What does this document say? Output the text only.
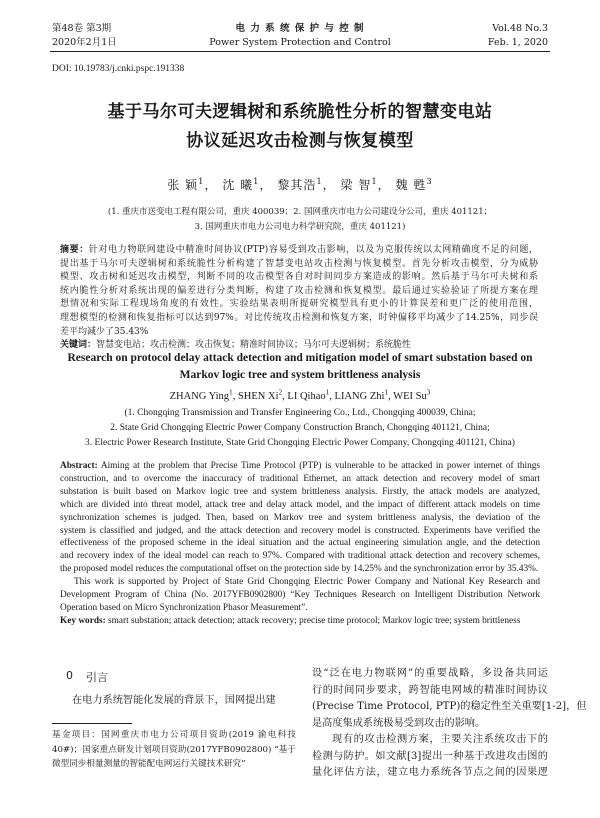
第48卷 第3期
2020年2月1日
电 力 系 统 保 护 与 控 制
Power System Protection and Control
Vol.48 No.3
Feb. 1, 2020
DOI: 10.19783/j.cnki.pspc.191338
基于马尔可夫逻辑树和系统脆性分析的智慧变电站
协议延迟攻击检测与恢复模型
张 颖$^1$， 沈 曦$^1$， 黎其浩$^1$， 梁 智$^1$， 魏 甦$^3$
(1. 重庆市送变电工程有限公司，重庆 400039；2. 国网重庆市电力公司建设分公司，重庆 401121；
3. 国网重庆市电力公司电力科学研究院，重庆 401121)
摘要：针对电力物联网建设中精准时间协议(PTP)容易受到攻击影响，以及为克服传统以太网精确度不足的问题，
提出基于马尔可夫逻辑树和系统脆性分析构建了智慧变电站攻击检测与恢复模型。首先分析攻击模型，分为威胁
模型、攻击树和延迟攻击模型，判断不同的攻击模型各自对时间同步方案造成的影响。然后基于马尔可夫树和系
统内脆性分析对系统出现的偏差进行分类判断，构建了攻击检测和恢复模型。最后通过实验验证了所提方案在理
想情况和实际工程现场角度的有效性。实验结果表明所提研究模型具有更小的计算误差和更广泛的使用范围，
理想模型的检测和恢复指标可以达到97%。对比传统攻击检测和恢复方案，时钟偏移平均减少了14.25%，同步误
差平均减少了35.43%
关键词：智慧变电站；攻击检测；攻击恢复；精准时间协议；马尔可夫逻辑树；系统脆性
Research on protocol delay attack detection and mitigation model of smart substation based on
Markov logic tree and system brittleness analysis
ZHANG Ying$^1$, SHEN Xi$^2$, LI Qihao$^1$, LIANG Zhi$^1$, WEI Su$^3$
(1. Chongqing Transmission and Transfer Engineering Co., Ltd., Chongqing 400039, China;
2. State Grid Chongqing Electric Power Company Construction Branch, Chongqing 401121, China;
3. Electric Power Research Institute, State Grid Chongqing Electric Power Company, Chongqing 401121, China)
Abstract: Aiming at the problem that Precise Time Protocol (PTP) is vulnerable to be attacked in power internet of things
construction, and to overcome the inaccuracy of traditional Ethernet, an attack detection and recovery model of smart
substation is built based on Markov logic tree and system brittleness analysis. Firstly, the attack models are analyzed,
which are divided into threat model, attack tree and delay attack model, and the impact of different attack models on time
synchronization schemes is judged. Then, based on Markov tree and system brittleness analysis, the deviation of the
system is classified and judged, and the attack detection and recovery model is constructed. Experiments have verified the
effectiveness of the proposed scheme in the ideal situation and the actual engineering simulation angle, and the detection
and recovery index of the ideal model can reach to 97%. Compared with traditional attack detection and recovery schemes,
the proposed model reduces the computational offset on the protection side by 14.25% and the synchronization error by 35.43%.
This work is supported by Project of State Grid Chongqing Electric Power Company and National Key Research and
Development Program of China (No. 2017YFB0902800) “Key Techniques Research on Intelligent Distribution Network
Operation based on Micro Synchronization Phasor Measurement”.
Key words: smart substation; attack detection; attack recovery; precise time protocol; Markov logic tree; system brittleness
0 引言
在电力系统智能化发展的背景下，国网提出建
基金项目：国网重庆市电力公司项目资助(2019 渝电科技
40#)；国家重点研发计划项目资助(2017YFB0902800) “基于
微型同步相量测量的智能配电网运行关键技术研究”
设“泛在电力物联网”的重要战略，多设备共同运
行的时间同步要求，跨智能电网域的精准时间协议
(Precise Time Protocol, PTP)的稳定性至关重要[1-2]，但
是高度集成系统极易受到攻击的影响。
现有的攻击检测方案，主要关注系统攻击下的
检测与防护。如文献[3]提出一种基于改进攻击图的
量化评估方法，建立电力系统各节点之间的因果逻
